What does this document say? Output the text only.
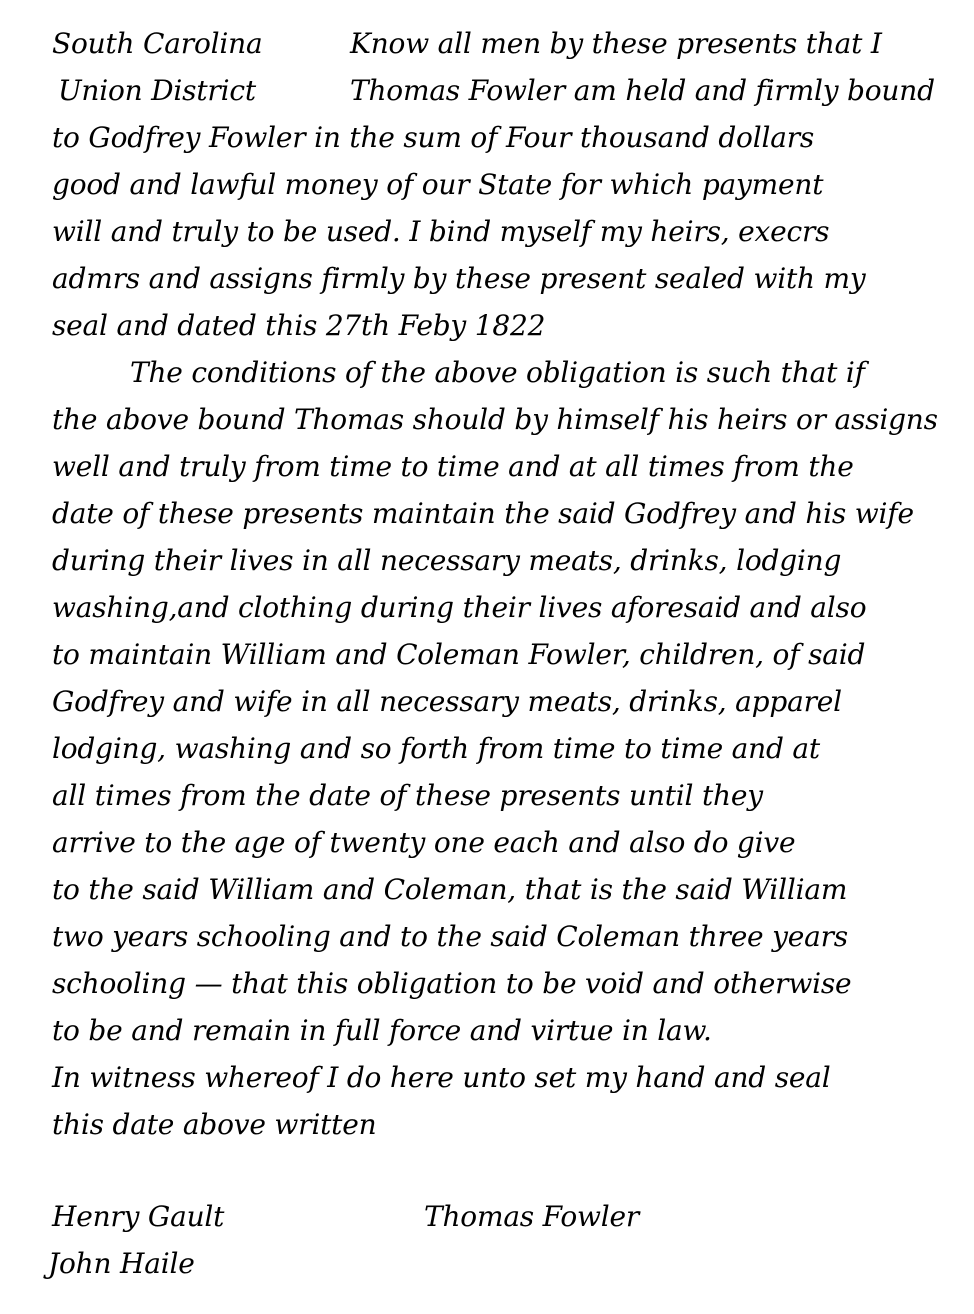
South Carolina	Know all men by these presents that I
Union District	Thomas Fowler am held and firmly bound
to Godfrey Fowler in the sum of Four thousand dollars
good and lawful money of our State for which payment
will and truly to be used. I bind myself my heirs, execrs
admrs and assigns firmly by these present sealed with my
seal and dated this 27th Feby 1822
The conditions of the above obligation is such that if
the above bound Thomas should by himself his heirs or assigns
well and truly from time to time and at all times from the
date of these presents maintain the said Godfrey and his wife
during their lives in all necessary meats, drinks, lodging
washing,and clothing during their lives aforesaid and also
to maintain William and Coleman Fowler, children, of said
Godfrey and wife in all necessary meats, drinks, apparel
lodging, washing and so forth from time to time and at
all times from the date of these presents until they
arrive to the age of twenty one each and also do give
to the said William and Coleman, that is the said William
two years schooling and to the said Coleman three years
schooling — that this obligation to be void and otherwise
to be and remain in full force and virtue in law.
In witness whereof I do here unto set my hand and seal
this date above written
Henry Gault	Thomas Fowler
John Haile
